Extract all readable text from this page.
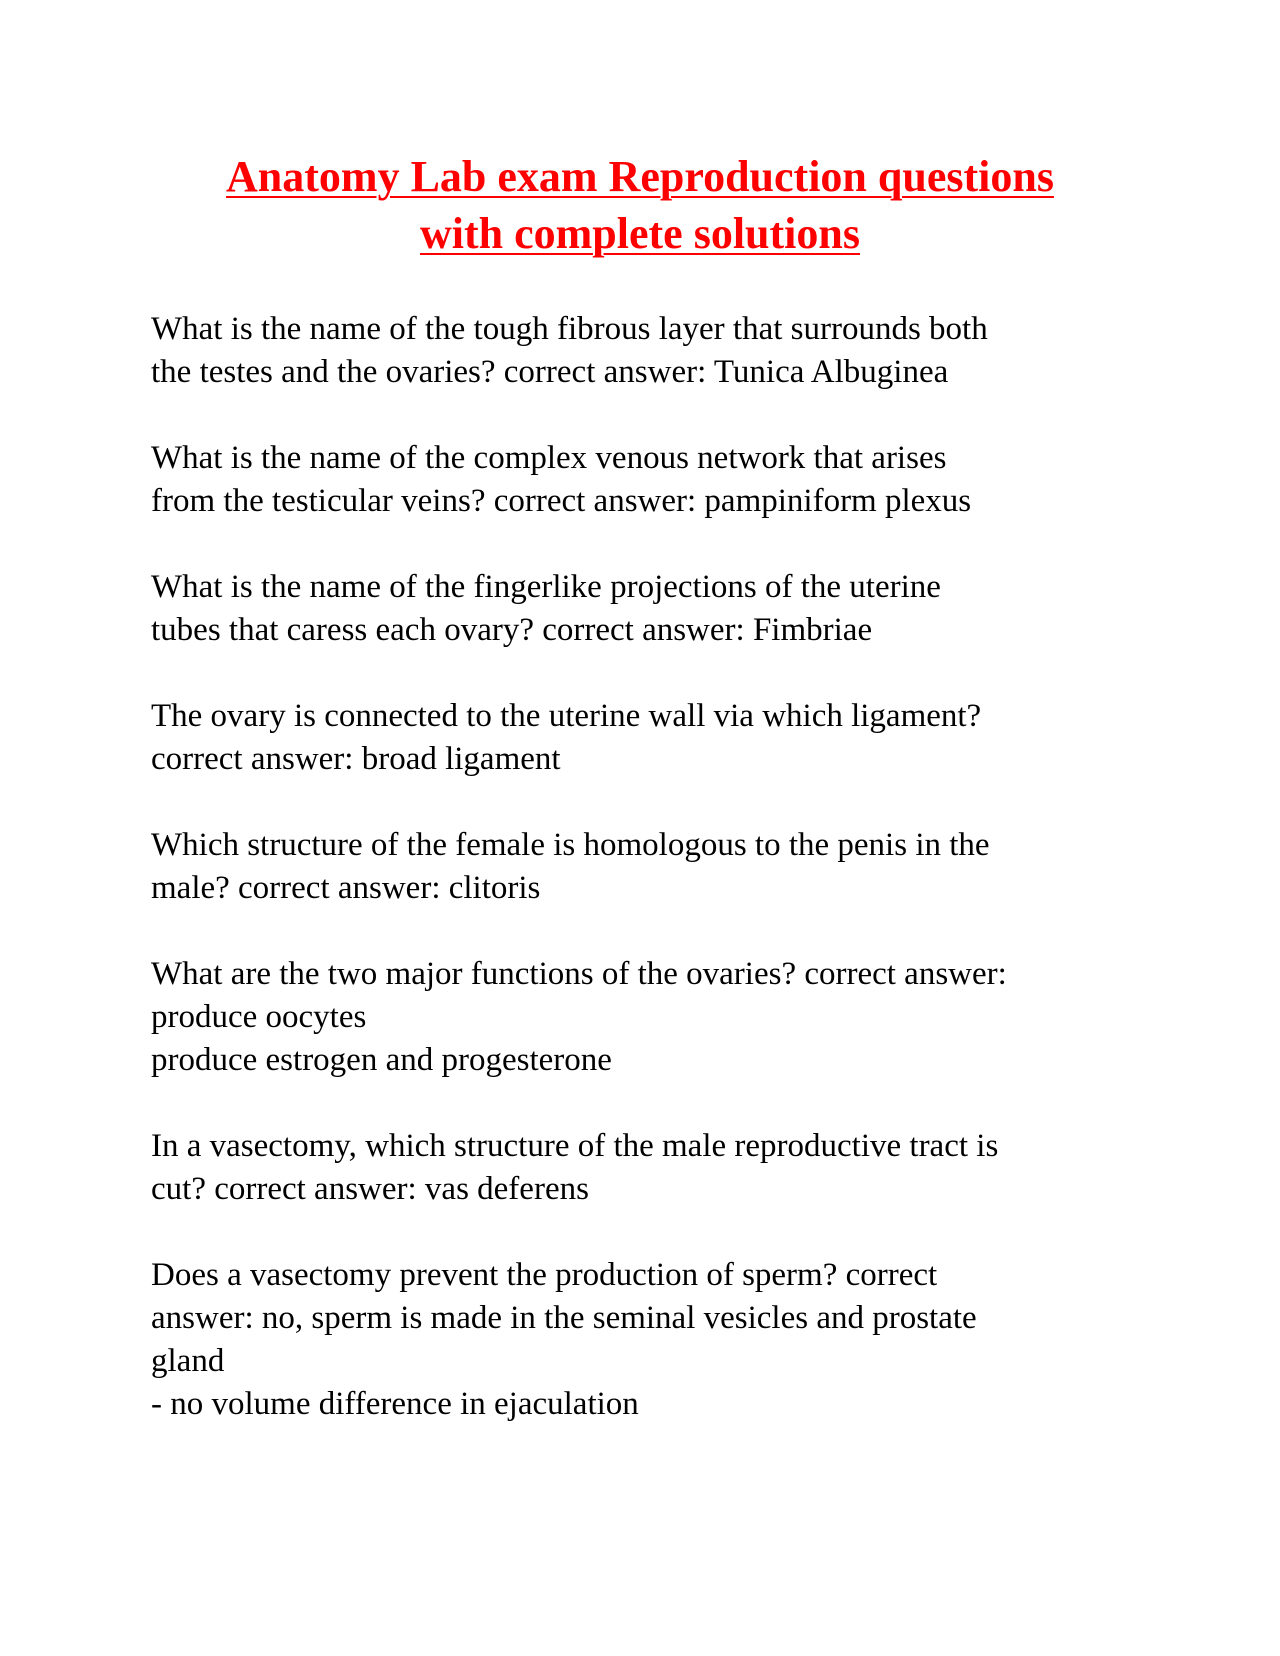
Anatomy Lab exam Reproduction questions
with complete solutions

What is the name of the tough fibrous layer that surrounds both
the testes and the ovaries? correct answer: Tunica Albuginea

What is the name of the complex venous network that arises
from the testicular veins? correct answer: pampiniform plexus

What is the name of the fingerlike projections of the uterine
tubes that caress each ovary? correct answer: Fimbriae

The ovary is connected to the uterine wall via which ligament?
correct answer: broad ligament

Which structure of the female is homologous to the penis in the
male? correct answer: clitoris

What are the two major functions of the ovaries? correct answer:
produce oocytes
produce estrogen and progesterone

In a vasectomy, which structure of the male reproductive tract is
cut? correct answer: vas deferens

Does a vasectomy prevent the production of sperm? correct
answer: no, sperm is made in the seminal vesicles and prostate
gland
- no volume difference in ejaculation
